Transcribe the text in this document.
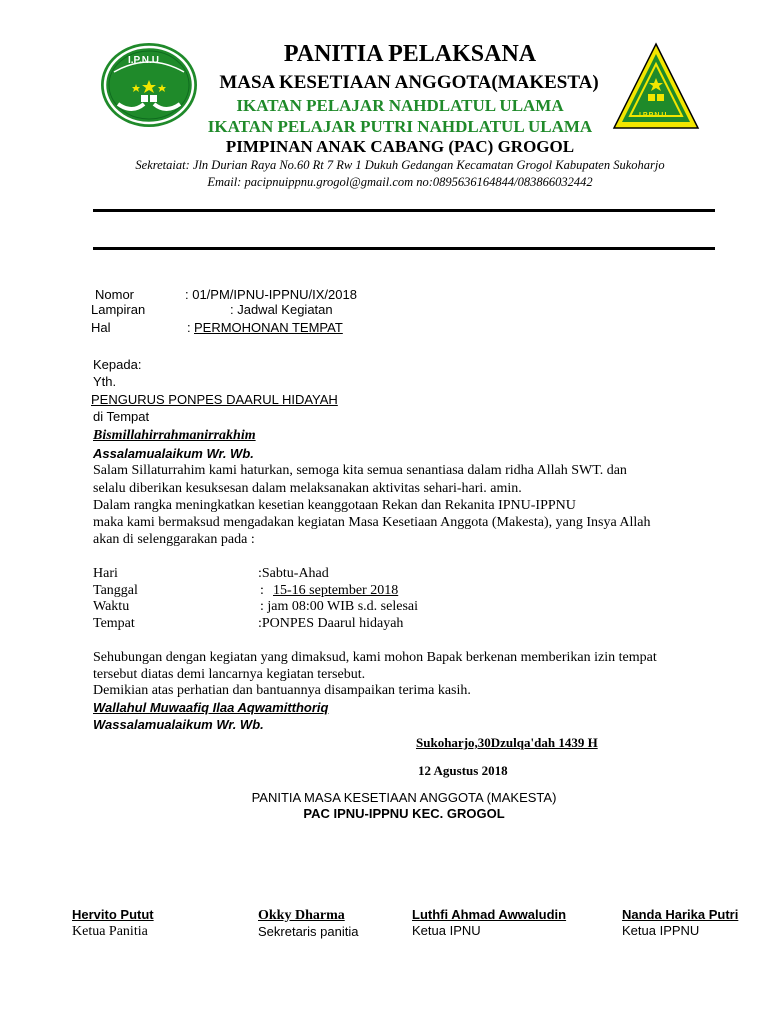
I.P.N.U
I.P.P.N.U
PANITIA PELAKSANA
MASA KESETIAAN ANGGOTA(MAKESTA)
IKATAN PELAJAR NAHDLATUL ULAMA
IKATAN PELAJAR PUTRI NAHDLATUL ULAMA
PIMPINAN ANAK CABANG (PAC) GROGOL
Sekretaiat: Jln Durian Raya No.60 Rt 7 Rw 1 Dukuh Gedangan Kecamatan Grogol Kabupaten Sukoharjo
Email: pacipnuippnu.grogol@gmail.com no:0895636164844/083866032442
Nomor	: 01/PM/IPNU-IPPNU/IX/2018
Lampiran	: Jadwal Kegiatan
Hal	: PERMOHONAN TEMPAT
Kepada:
Yth.
PENGURUS PONPES DAARUL HIDAYAH
di Tempat
Bismillahirrahmanirrakhim
Assalamualaikum Wr. Wb.
Salam Sillaturrahim kami haturkan, semoga kita semua senantiasa dalam ridha Allah SWT. dan
selalu diberikan kesuksesan dalam melaksanakan aktivitas sehari-hari. amin.
Dalam rangka meningkatkan kesetian keanggotaan Rekan dan Rekanita IPNU-IPPNU
maka kami bermaksud mengadakan kegiatan Masa Kesetiaan Anggota (Makesta), yang Insya Allah
akan di selenggarakan pada :
Hari	:Sabtu-Ahad
Tanggal	: 15-16 september 2018
Waktu	: jam 08:00 WIB s.d. selesai
Tempat	:PONPES Daarul hidayah
Sehubungan dengan kegiatan yang dimaksud, kami mohon Bapak berkenan memberikan izin tempat
tersebut diatas demi lancarnya kegiatan tersebut.
Demikian atas perhatian dan bantuannya disampaikan terima kasih.
Wallahul Muwaafiq Ilaa Aqwamitthoriq
Wassalamualaikum Wr. Wb.
Sukoharjo,30Dzulqa'dah 1439 H
12 Agustus 2018
PANITIA MASA KESETIAAN ANGGOTA (MAKESTA)
PAC IPNU-IPPNU KEC. GROGOL
Hervito Putut
Ketua Panitia
Okky Dharma
Sekretaris panitia
Luthfi Ahmad Awwaludin
Ketua IPNU
Nanda Harika Putri
Ketua IPPNU
